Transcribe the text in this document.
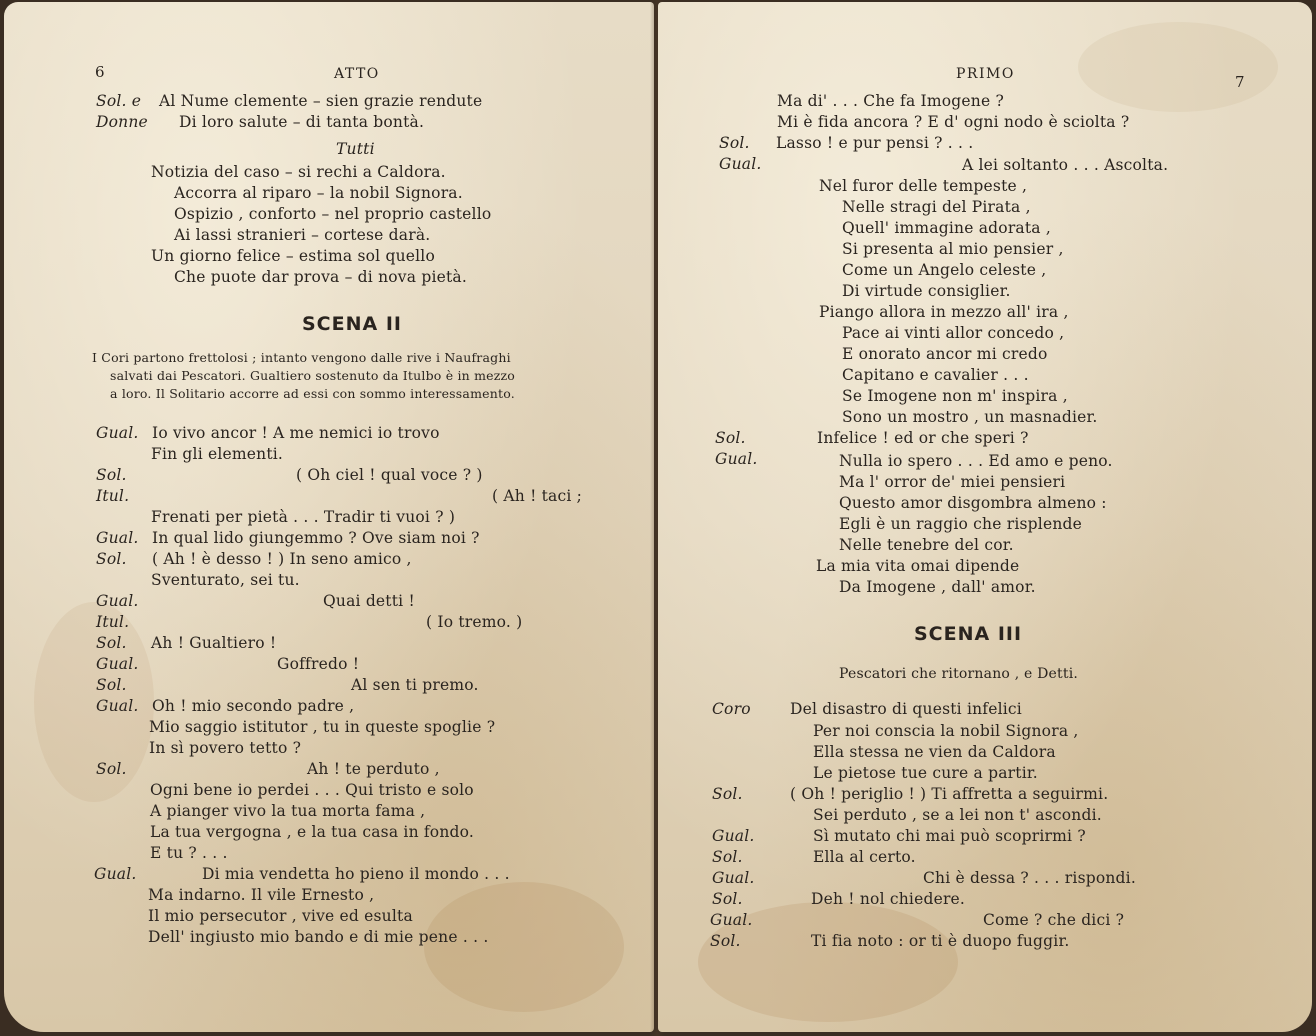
6	ATTO
Sol. e Al Nume clemente – sien grazie rendute
Donne Di loro salute – di tanta bontà.
Tutti
Notizia del caso – si rechi a Caldora.
Accorra al riparo – la nobil Signora.
Ospizio , conforto – nel proprio castello
Ai lassi stranieri – cortese darà.
Un giorno felice – estima sol quello
Che puote dar prova – di nova pietà.
SCENA II
I Cori partono frettolosi ; intanto vengono dalle rive i Naufraghi
salvati dai Pescatori. Gualtiero sostenuto da Itulbo è in mezzo
a loro. Il Solitario accorre ad essi con sommo interessamento.
Gual. Io vivo ancor ! A me nemici io trovo
Fin gli elementi.
Sol.	( Oh ciel ! qual voce ? )
Itul.	( Ah ! taci ;
Frenati per pietà . . . Tradir ti vuoi ? )
Gual. In qual lido giungemmo ? Ove siam noi ?
Sol. ( Ah ! è desso ! ) In seno amico ,
Sventurato, sei tu.
Gual.	Quai detti !
Itul.	( Io tremo. )
Sol. Ah ! Gualtiero !
Gual.	Goffredo !
Sol.	Al sen ti premo.
Gual. Oh ! mio secondo padre ,
Mio saggio istitutor , tu in queste spoglie ?
In sì povero tetto ?
Sol.	Ah ! te perduto ,
Ogni bene io perdei . . . Qui tristo e solo
A pianger vivo la tua morta fama ,
La tua vergogna , e la tua casa in fondo.
E tu ? . . .
Gual.	Di mia vendetta ho pieno il mondo . . .
Ma indarno. Il vile Ernesto ,
Il mio persecutor , vive ed esulta
Dell' ingiusto mio bando e di mie pene . . .
PRIMO	7
Ma di' . . . Che fa Imogene ?
Mi è fida ancora ? E d' ogni nodo è sciolta ?
Sol. Lasso ! e pur pensi ? . . .
Gual.	A lei soltanto . . . Ascolta.
Nel furor delle tempeste ,
Nelle stragi del Pirata ,
Quell' immagine adorata ,
Si presenta al mio pensier ,
Come un Angelo celeste ,
Di virtude consiglier.
Piango allora in mezzo all' ira ,
Pace ai vinti allor concedo ,
E onorato ancor mi credo
Capitano e cavalier . . .
Se Imogene non m' inspira ,
Sono un mostro , un masnadier.
Sol.	Infelice ! ed or che speri ?
Gual.	Nulla io spero . . . Ed amo e peno.
Ma l' orror de' miei pensieri
Questo amor disgombra almeno :
Egli è un raggio che risplende
Nelle tenebre del cor.
La mia vita omai dipende
Da Imogene , dall' amor.
SCENA III
Pescatori che ritornano , e Detti.
Coro	Del disastro di questi infelici
Per noi conscia la nobil Signora ,
Ella stessa ne vien da Caldora
Le pietose tue cure a partir.
Sol.	( Oh ! periglio ! ) Ti affretta a seguirmi.
Sei perduto , se a lei non t' ascondi.
Gual.	Sì mutato chi mai può scoprirmi ?
Sol.	Ella al certo.
Gual.	Chi è dessa ? . . . rispondi.
Sol.	Deh ! nol chiedere.
Gual.	Come ? che dici ?
Sol.	Ti fia noto : or ti è duopo fuggir.
